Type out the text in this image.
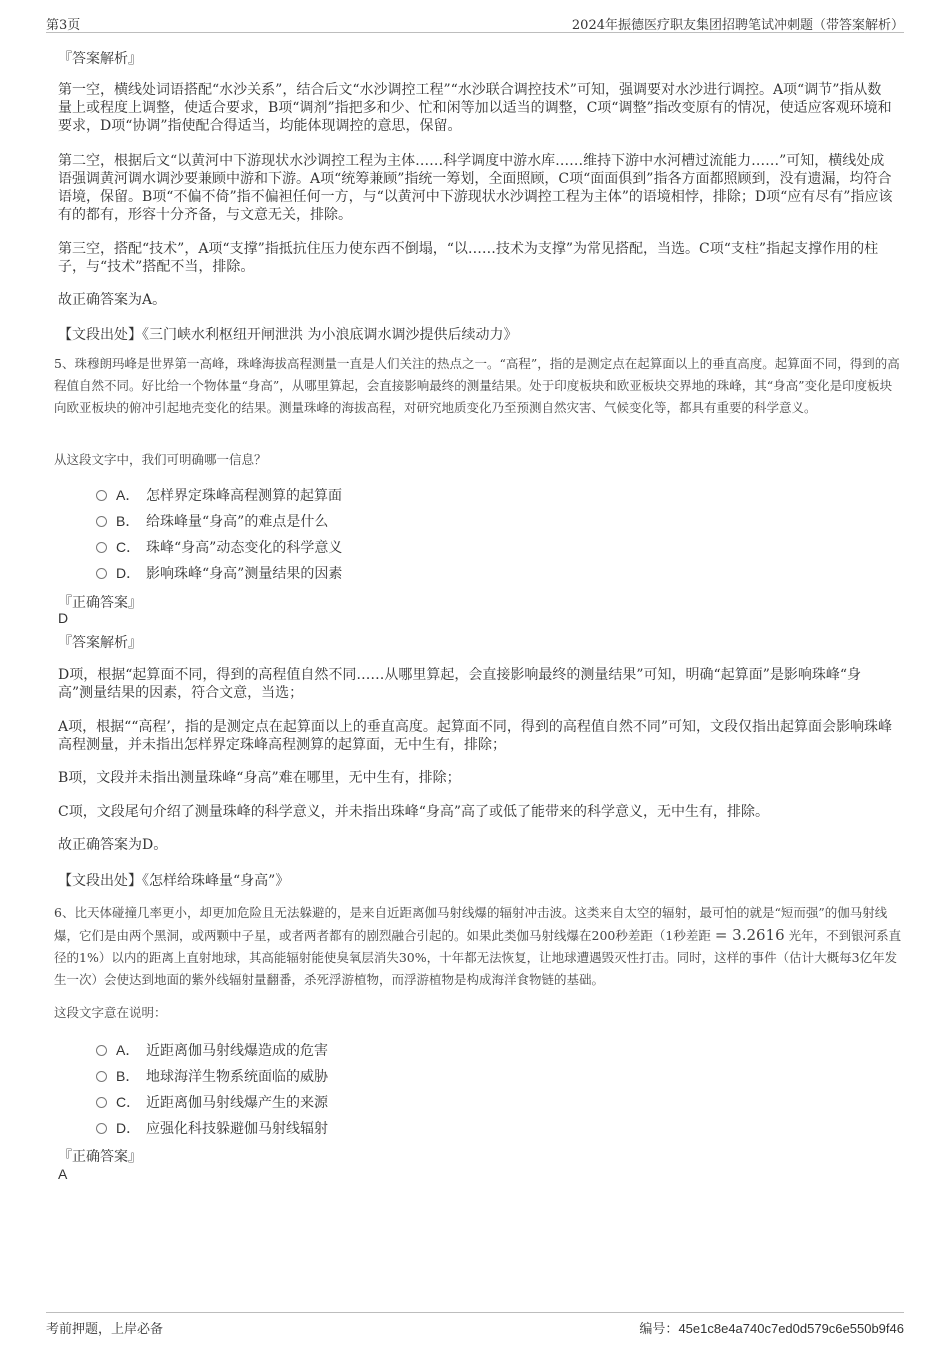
第3页	2024年振德医疗职友集团招聘笔试冲刺题（带答案解析）
『答案解析』
第一空，横线处词语搭配“水沙关系”，结合后文“水沙调控工程”“水沙联合调控技术”可知，强调要对水沙进行调控。A项“调节”指从数量上或程度上调整，使适合要求，B项“调剂”指把多和少、忙和闲等加以适当的调整，C项“调整”指改变原有的情况，使适应客观环境和要求，D项“协调”指使配合得适当，均能体现调控的意思，保留。
第二空，根据后文“以黄河中下游现状水沙调控工程为主体……科学调度中游水库……维持下游中水河槽过流能力……”可知，横线处成语强调黄河调水调沙要兼顾中游和下游。A项“统筹兼顾”指统一筹划，全面照顾，C项“面面俱到”指各方面都照顾到，没有遗漏，均符合语境，保留。B项“不偏不倚”指不偏袒任何一方，与“以黄河中下游现状水沙调控工程为主体”的语境相悖，排除；D项“应有尽有”指应该有的都有，形容十分齐备，与文意无关，排除。
第三空，搭配“技术”，A项“支撑”指抵抗住压力使东西不倒塌，“以……技术为支撑”为常见搭配，当选。C项“支柱”指起支撑作用的柱子，与“技术”搭配不当，排除。
故正确答案为A。
【文段出处】《三门峡水利枢纽开闸泄洪 为小浪底调水调沙提供后续动力》
5、珠穆朗玛峰是世界第一高峰，珠峰海拔高程测量一直是人们关注的热点之一。“高程”，指的是测定点在起算面以上的垂直高度。起算面不同，得到的高程值自然不同。好比给一个物体量“身高”，从哪里算起，会直接影响最终的测量结果。处于印度板块和欧亚板块交界地的珠峰，其“身高”变化是印度板块向欧亚板块的俯冲引起地壳变化的结果。测量珠峰的海拔高程，对研究地质变化乃至预测自然灾害、气候变化等，都具有重要的科学意义。
从这段文字中，我们可明确哪一信息？
A． 怎样界定珠峰高程测算的起算面
B． 给珠峰量“身高”的难点是什么
C． 珠峰“身高”动态变化的科学意义
D． 影响珠峰“身高”测量结果的因素
『正确答案』
D
『答案解析』
D项，根据“起算面不同，得到的高程值自然不同……从哪里算起，会直接影响最终的测量结果”可知，明确“起算面”是影响珠峰“身高”测量结果的因素，符合文意，当选；
A项，根据““高程’，指的是测定点在起算面以上的垂直高度。起算面不同，得到的高程值自然不同”可知，文段仅指出起算面会影响珠峰高程测量，并未指出怎样界定珠峰高程测算的起算面，无中生有，排除；
B项，文段并未指出测量珠峰“身高”难在哪里，无中生有，排除；
C项，文段尾句介绍了测量珠峰的科学意义，并未指出珠峰“身高”高了或低了能带来的科学意义，无中生有，排除。
故正确答案为D。
【文段出处】《怎样给珠峰量“身高”》
6、比天体碰撞几率更小，却更加危险且无法躲避的，是来自近距离伽马射线爆的辐射冲击波。这类来自太空的辐射，最可怕的就是“短而强”的伽马射线爆，它们是由两个黑洞，或两颗中子星，或者两者都有的剧烈融合引起的。如果此类伽马射线爆在200秒差距（1秒差距 = 3.2616 光年，不到银河系直径的1%）以内的距离上直射地球，其高能辐射能使臭氧层消失30%，十年都无法恢复，让地球遭遇毁灭性打击。同时，这样的事件（估计大概每3亿年发生一次）会使达到地面的紫外线辐射量翻番，杀死浮游植物，而浮游植物是构成海洋食物链的基础。
这段文字意在说明：
A． 近距离伽马射线爆造成的危害
B． 地球海洋生物系统面临的威胁
C． 近距离伽马射线爆产生的来源
D． 应强化科技躲避伽马射线辐射
『正确答案』
A
考前押题，上岸必备	编号：45e1c8e4a740c7ed0d579c6e550b9f46
